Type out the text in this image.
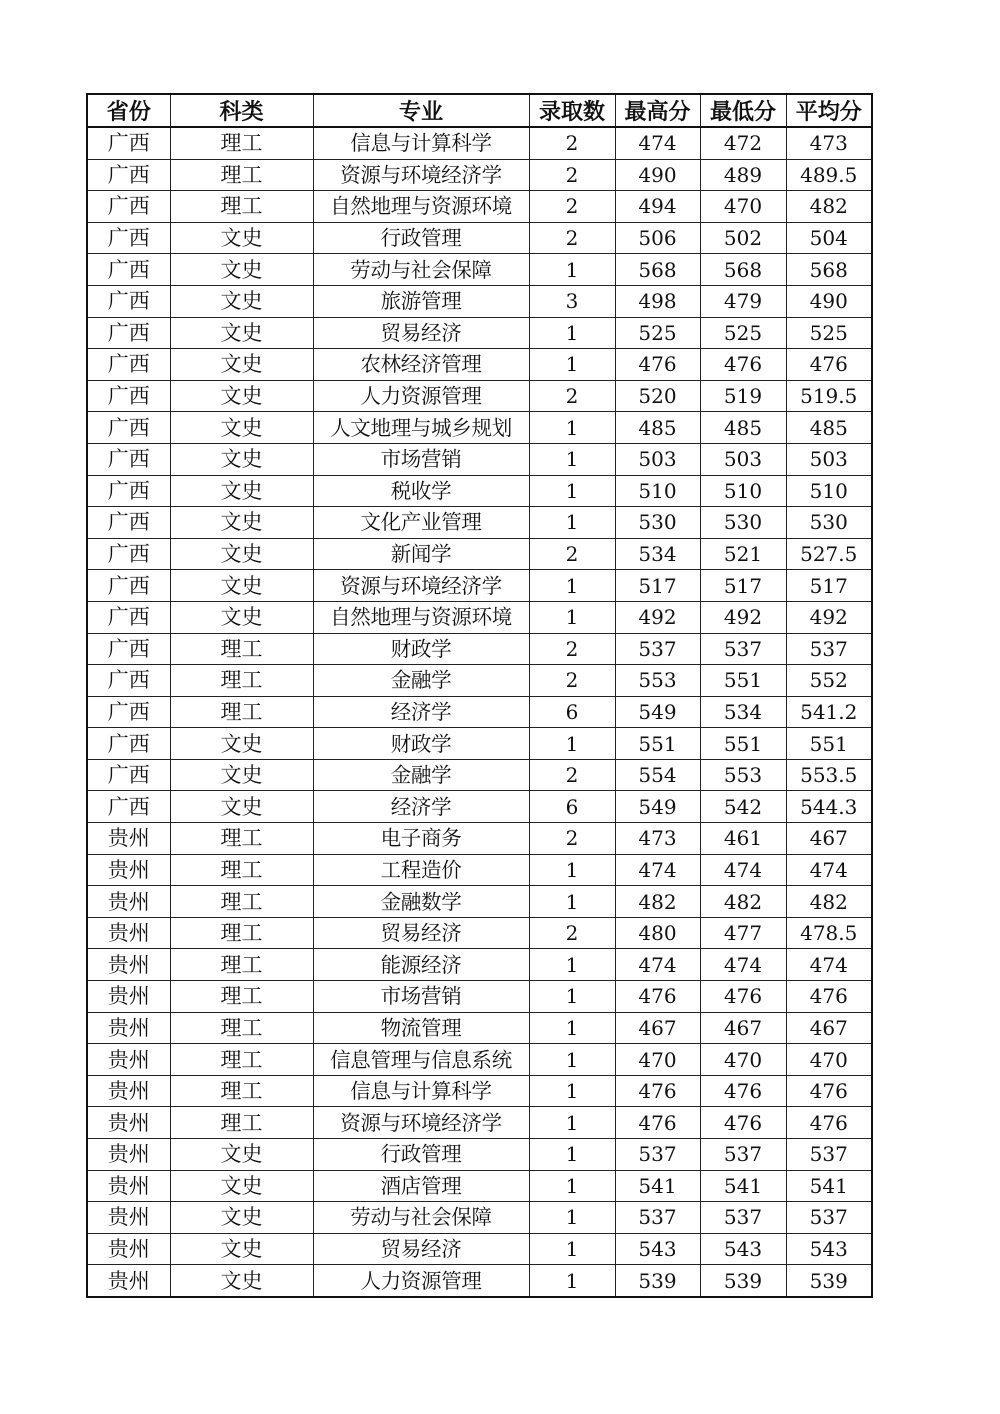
省份	科类	专业	录取数	最高分	最低分	平均分
广西	理工	信息与计算科学	2	474	472	473
广西	理工	资源与环境经济学	2	490	489	489.5
广西	理工	自然地理与资源环境	2	494	470	482
广西	文史	行政管理	2	506	502	504
广西	文史	劳动与社会保障	1	568	568	568
广西	文史	旅游管理	3	498	479	490
广西	文史	贸易经济	1	525	525	525
广西	文史	农林经济管理	1	476	476	476
广西	文史	人力资源管理	2	520	519	519.5
广西	文史	人文地理与城乡规划	1	485	485	485
广西	文史	市场营销	1	503	503	503
广西	文史	税收学	1	510	510	510
广西	文史	文化产业管理	1	530	530	530
广西	文史	新闻学	2	534	521	527.5
广西	文史	资源与环境经济学	1	517	517	517
广西	文史	自然地理与资源环境	1	492	492	492
广西	理工	财政学	2	537	537	537
广西	理工	金融学	2	553	551	552
广西	理工	经济学	6	549	534	541.2
广西	文史	财政学	1	551	551	551
广西	文史	金融学	2	554	553	553.5
广西	文史	经济学	6	549	542	544.3
贵州	理工	电子商务	2	473	461	467
贵州	理工	工程造价	1	474	474	474
贵州	理工	金融数学	1	482	482	482
贵州	理工	贸易经济	2	480	477	478.5
贵州	理工	能源经济	1	474	474	474
贵州	理工	市场营销	1	476	476	476
贵州	理工	物流管理	1	467	467	467
贵州	理工	信息管理与信息系统	1	470	470	470
贵州	理工	信息与计算科学	1	476	476	476
贵州	理工	资源与环境经济学	1	476	476	476
贵州	文史	行政管理	1	537	537	537
贵州	文史	酒店管理	1	541	541	541
贵州	文史	劳动与社会保障	1	537	537	537
贵州	文史	贸易经济	1	543	543	543
贵州	文史	人力资源管理	1	539	539	539
